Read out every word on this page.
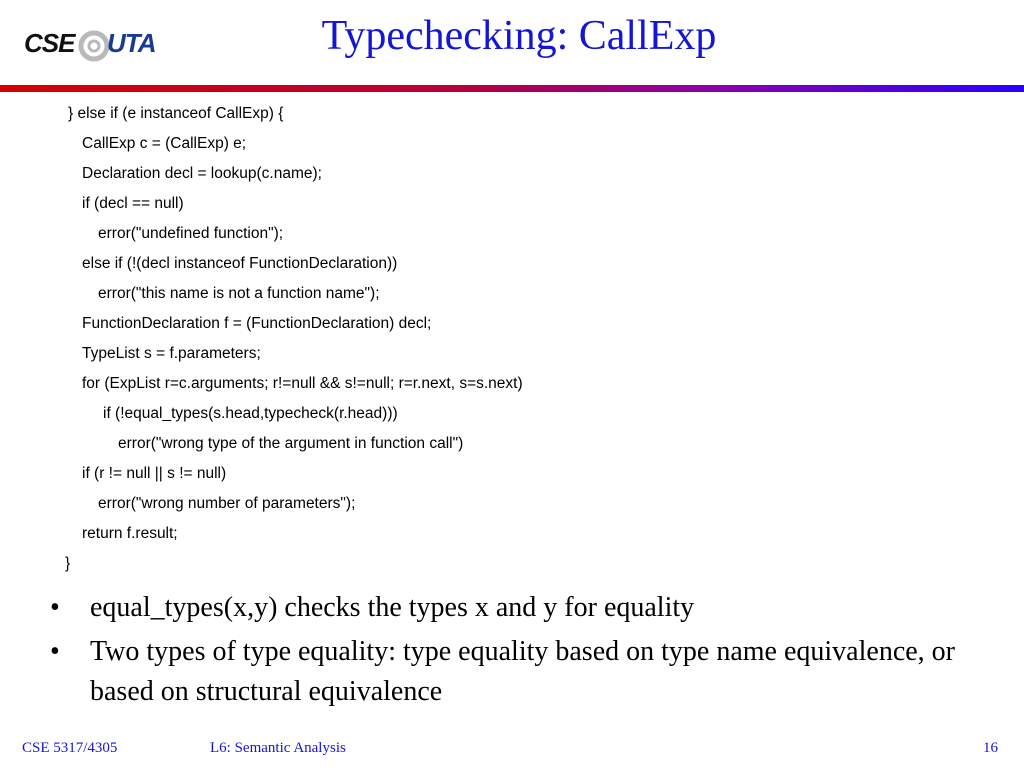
CSE UTA	Typechecking: CallExp
} else if (e instanceof CallExp) {
CallExp c = (CallExp) e;
Declaration decl = lookup(c.name);
if (decl == null)
error("undefined function");
else if (!(decl instanceof FunctionDeclaration))
error("this name is not a function name");
FunctionDeclaration f = (FunctionDeclaration) decl;
TypeList s = f.parameters;
for (ExpList r=c.arguments; r!=null && s!=null; r=r.next, s=s.next)
if (!equal_types(s.head,typecheck(r.head)))
error("wrong type of the argument in function call")
if (r != null || s != null)
error("wrong number of parameters");
return f.result;
}
•	equal_types(x,y) checks the types x and y for equality
•	Two types of type equality: type equality based on type name equivalence, or based on structural equivalence
CSE 5317/4305	L6: Semantic Analysis	16
